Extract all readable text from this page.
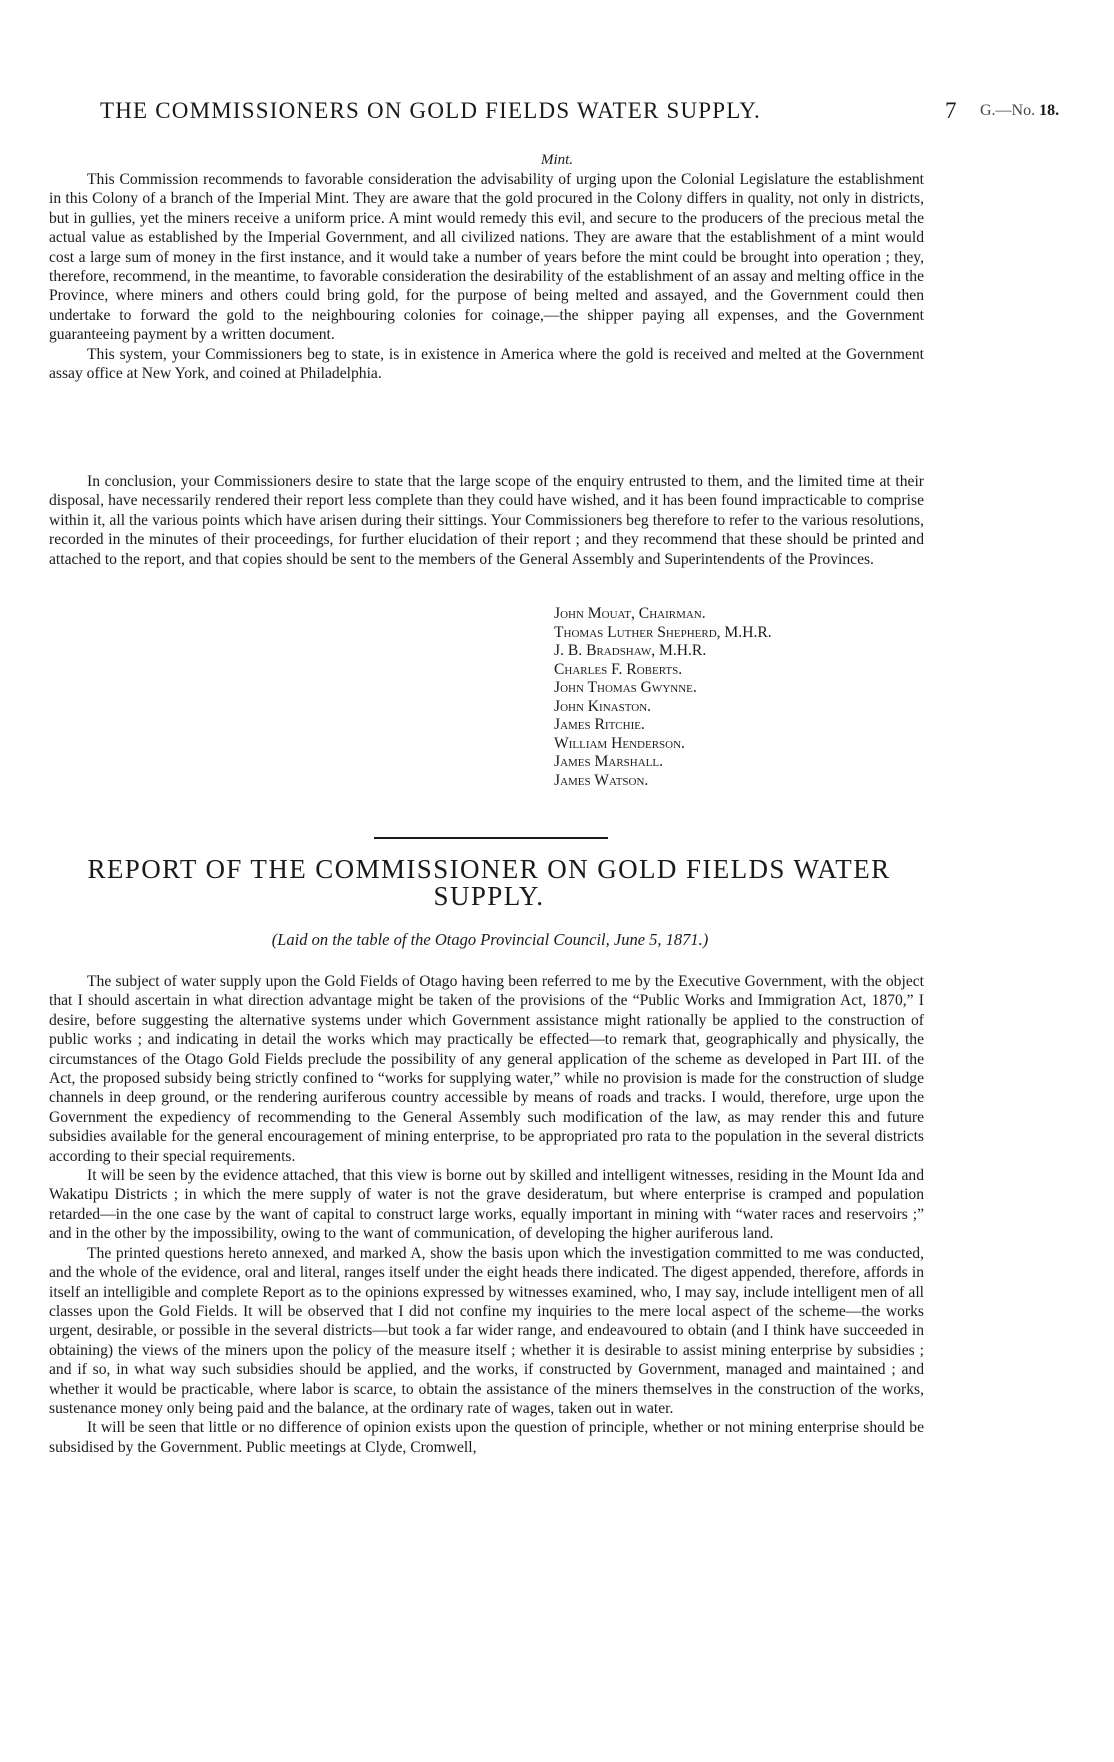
THE COMMISSIONERS ON GOLD FIELDS WATER SUPPLY.	7 G.—No. 18.
Mint.

This Commission recommends to favorable consideration the advisability of urging upon the Colonial Legislature the establishment in this Colony of a branch of the Imperial Mint. They are aware that the gold procured in the Colony differs in quality, not only in districts, but in gullies, yet the miners receive a uniform price. A mint would remedy this evil, and secure to the producers of the precious metal the actual value as established by the Imperial Government, and all civilized nations. They are aware that the establishment of a mint would cost a large sum of money in the first instance, and it would take a number of years before the mint could be brought into operation ; they, therefore, recommend, in the meantime, to favorable consideration the desirability of the establishment of an assay and melting office in the Province, where miners and others could bring gold, for the purpose of being melted and assayed, and the Government could then undertake to forward the gold to the neighbouring colonies for coinage,—the shipper paying all expenses, and the Government guaranteeing payment by a written document.

This system, your Commissioners beg to state, is in existence in America where the gold is received and melted at the Government assay office at New York, and coined at Philadelphia.

In conclusion, your Commissioners desire to state that the large scope of the enquiry entrusted to them, and the limited time at their disposal, have necessarily rendered their report less complete than they could have wished, and it has been found impracticable to comprise within it, all the various points which have arisen during their sittings. Your Commissioners beg therefore to refer to the various resolutions, recorded in the minutes of their proceedings, for further elucidation of their report ; and they recommend that these should be printed and attached to the report, and that copies should be sent to the members of the General Assembly and Superintendents of the Provinces.

John Mouat, Chairman.
Thomas Luther Shepherd, M.H.R.
J. B. Bradshaw, M.H.R.
Charles F. Roberts.
John Thomas Gwynne.
John Kinaston.
James Ritchie.
William Henderson.
James Marshall.
James Watson.
REPORT OF THE COMMISSIONER ON GOLD FIELDS WATER SUPPLY.
(Laid on the table of the Otago Provincial Council, June 5, 1871.)

The subject of water supply upon the Gold Fields of Otago having been referred to me by the Executive Government, with the object that I should ascertain in what direction advantage might be taken of the provisions of the “Public Works and Immigration Act, 1870,” I desire, before suggesting the alternative systems under which Government assistance might rationally be applied to the construction of public works ; and indicating in detail the works which may practically be effected—to remark that, geographically and physically, the circumstances of the Otago Gold Fields preclude the possibility of any general application of the scheme as developed in Part III. of the Act, the proposed subsidy being strictly confined to “works for supplying water,” while no provision is made for the construction of sludge channels in deep ground, or the rendering auriferous country accessible by means of roads and tracks. I would, therefore, urge upon the Government the expediency of recommending to the General Assembly such modification of the law, as may render this and future subsidies available for the general encouragement of mining enterprise, to be appropriated pro rata to the population in the several districts according to their special requirements.

It will be seen by the evidence attached, that this view is borne out by skilled and intelligent witnesses, residing in the Mount Ida and Wakatipu Districts ; in which the mere supply of water is not the grave desideratum, but where enterprise is cramped and population retarded—in the one case by the want of capital to construct large works, equally important in mining with “water races and reservoirs ;” and in the other by the impossibility, owing to the want of communication, of developing the higher auriferous land.

The printed questions hereto annexed, and marked A, show the basis upon which the investigation committed to me was conducted, and the whole of the evidence, oral and literal, ranges itself under the eight heads there indicated. The digest appended, therefore, affords in itself an intelligible and complete Report as to the opinions expressed by witnesses examined, who, I may say, include intelligent men of all classes upon the Gold Fields. It will be observed that I did not confine my inquiries to the mere local aspect of the scheme—the works urgent, desirable, or possible in the several districts—but took a far wider range, and endeavoured to obtain (and I think have succeeded in obtaining) the views of the miners upon the policy of the measure itself ; whether it is desirable to assist mining enterprise by subsidies ; and if so, in what way such subsidies should be applied, and the works, if constructed by Government, managed and maintained ; and whether it would be practicable, where labor is scarce, to obtain the assistance of the miners themselves in the construction of the works, sustenance money only being paid and the balance, at the ordinary rate of wages, taken out in water.

It will be seen that little or no difference of opinion exists upon the question of principle, whether or not mining enterprise should be subsidised by the Government. Public meetings at Clyde, Cromwell,
